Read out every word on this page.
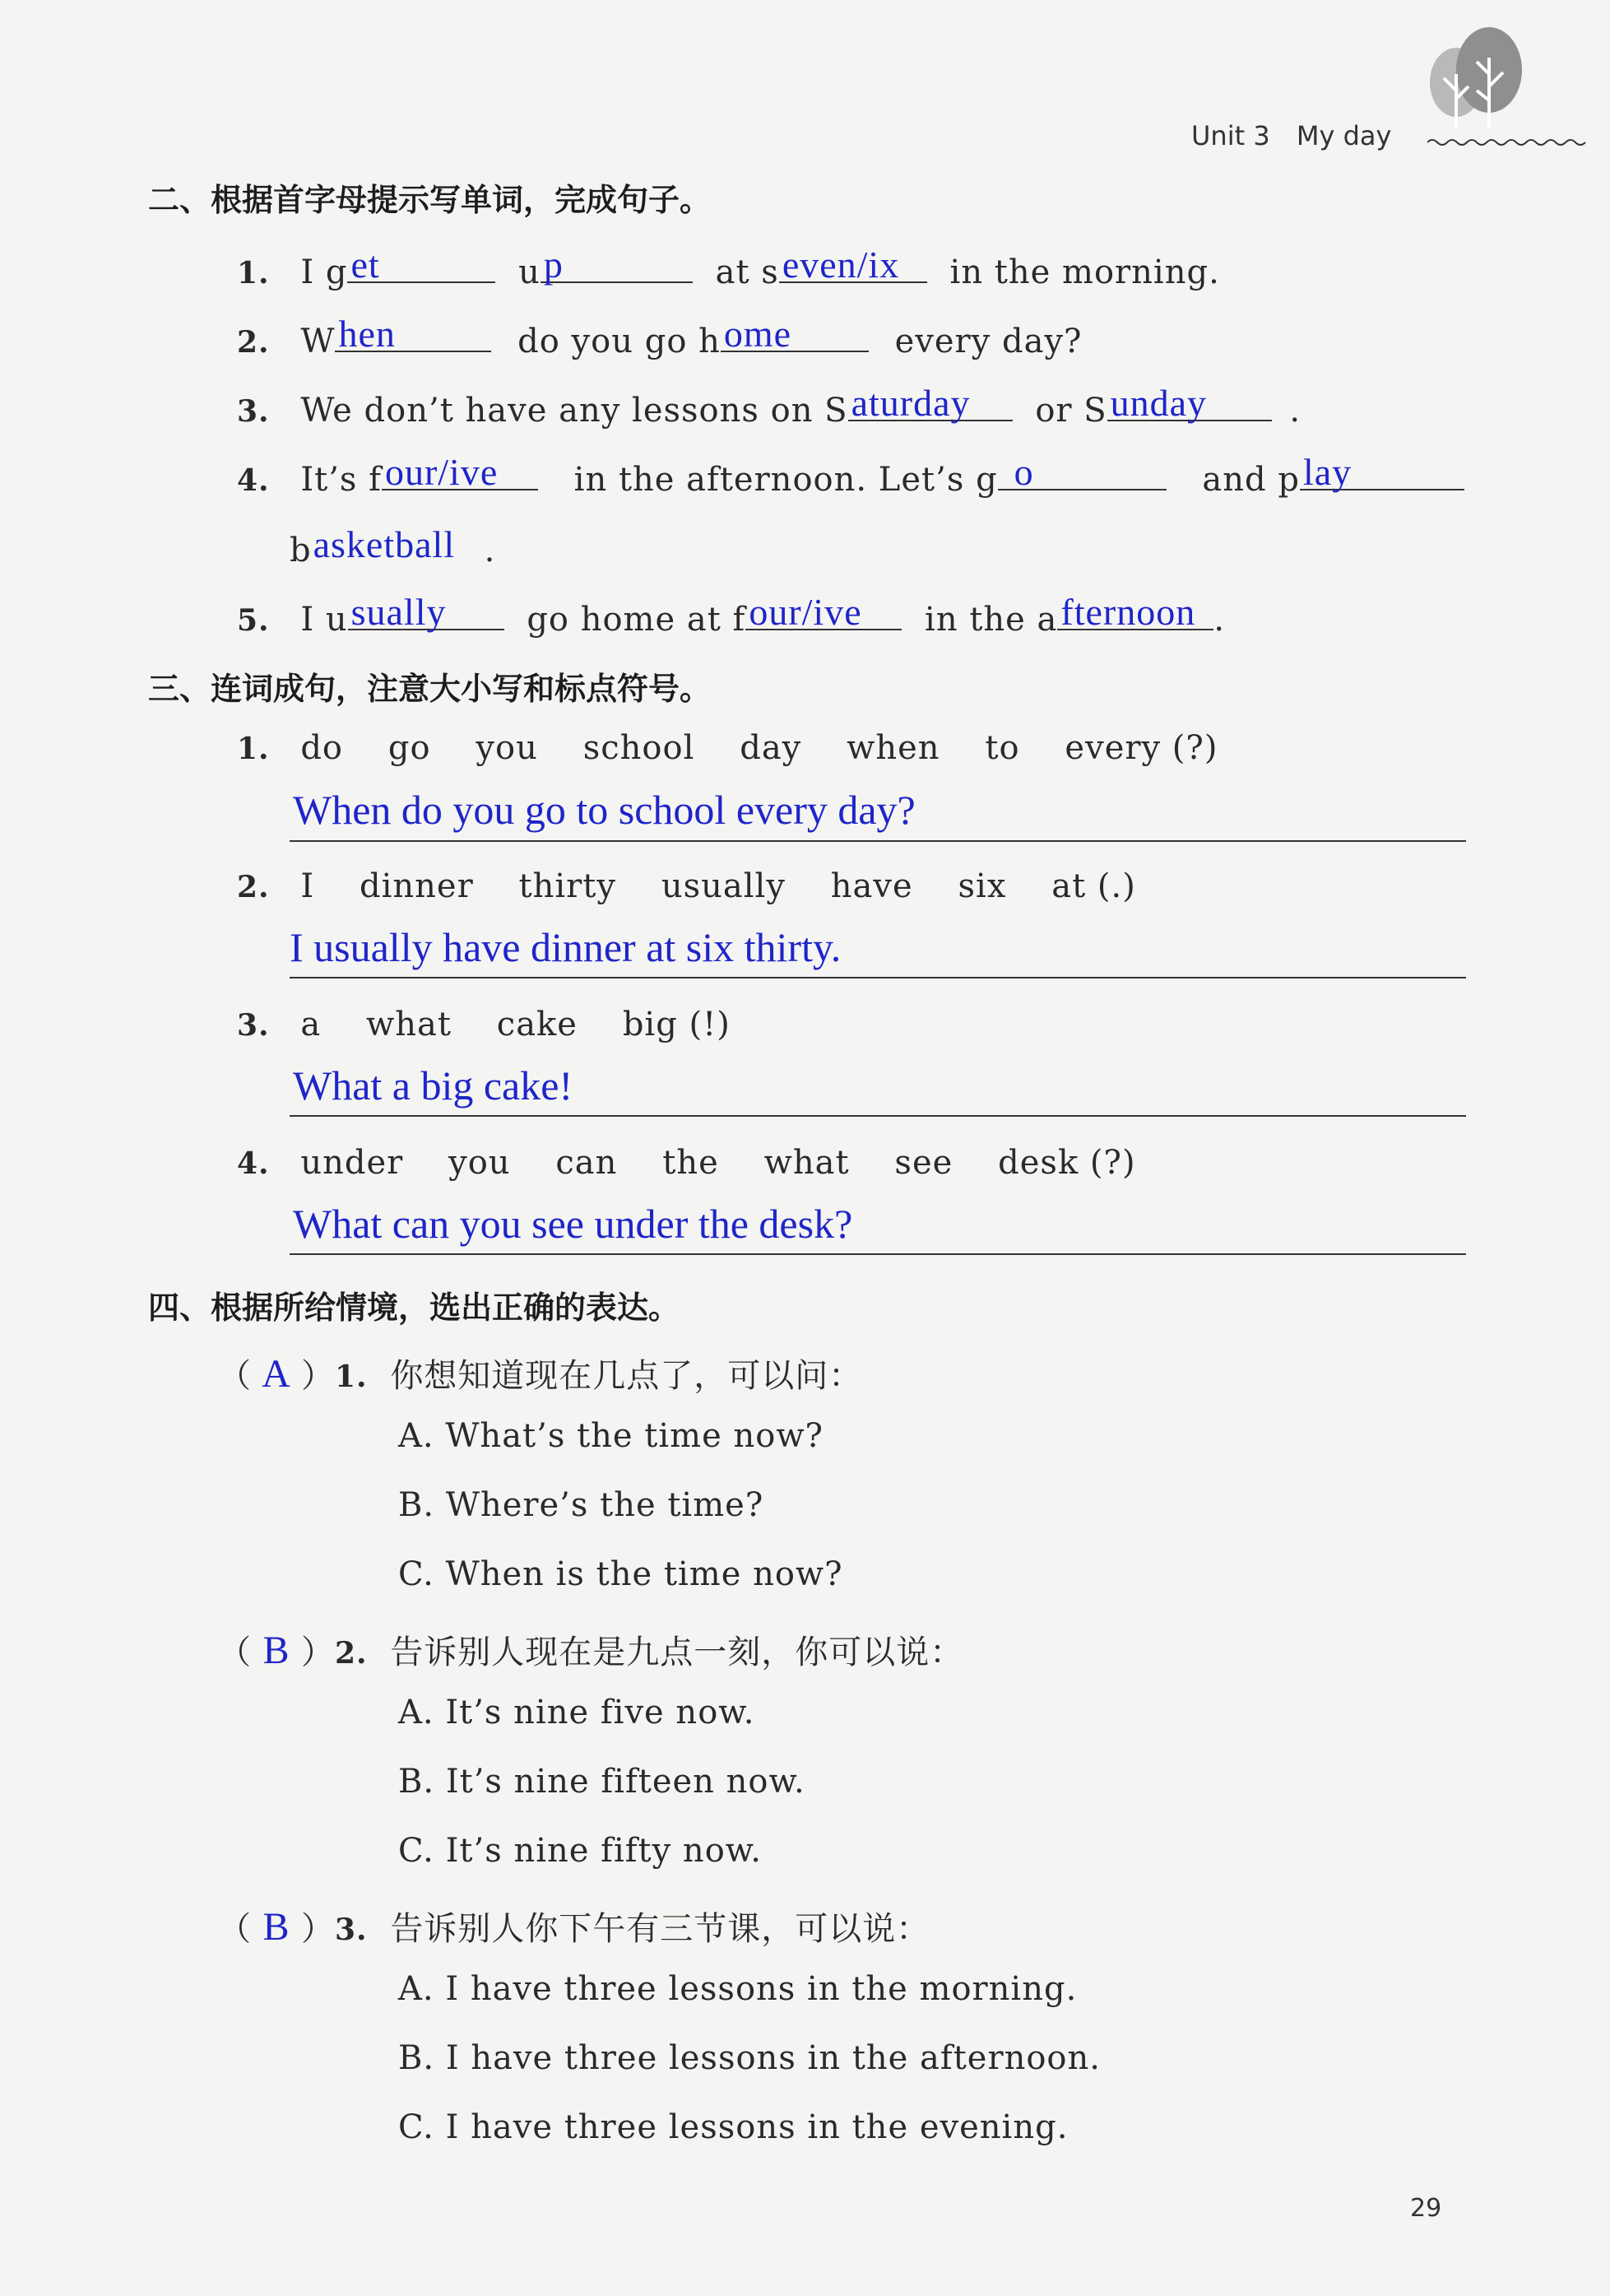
Unit 3 My day
二、根据首字母提示写单词，完成句子。
1. I g et	u p	at s even/ix in the morning.
2. W hen	do you go h ome	every day?
3. We don’t have any lessons on S aturday or S unday	.
4. It’s f our/ive in the afternoon. Let’s g o	and p lay
b asketball .
5. I u sually go home at f our/ive in the a fternoon .
三、连词成句，注意大小写和标点符号。
1. do    go    you    school    day    when    to    every (?)
When do you go to school every day?
2. I    dinner    thirty    usually    have    six    at (.)
I usually have dinner at six thirty.
3. a    what    cake    big (!)
What a big cake!
4. under    you    can    the    what    see    desk (?)
What can you see under the desk?
四、根据所给情境，选出正确的表达。
（ A ）1. 你想知道现在几点了，可以问：
A. What’s the time now?
B. Where’s the time?
C. When is the time now?
（ B ）2. 告诉别人现在是九点一刻，你可以说：
A. It’s nine five now.
B. It’s nine fifteen now.
C. It’s nine fifty now.
（ B ）3. 告诉别人你下午有三节课，可以说：
A. I have three lessons in the morning.
B. I have three lessons in the afternoon.
C. I have three lessons in the evening.
29
